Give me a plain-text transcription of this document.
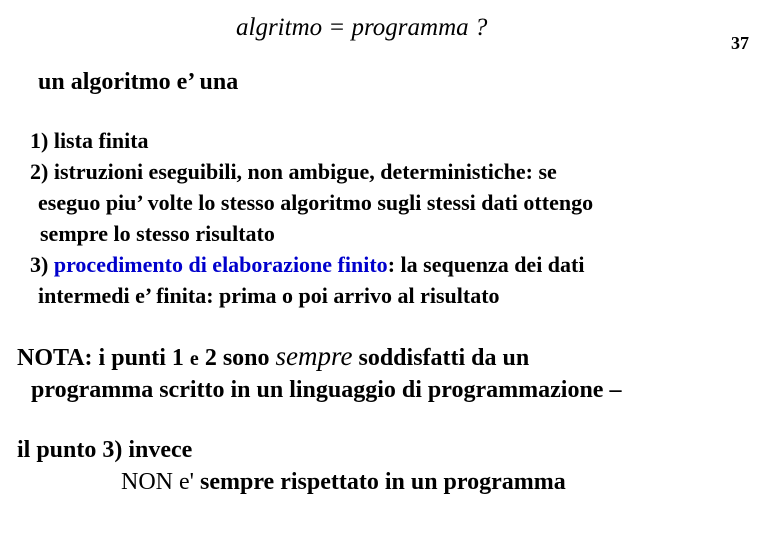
algritmo = programma ?
37
un algoritmo e’ una
1) lista finita
2) istruzioni eseguibili, non ambigue, deterministiche: se
eseguo piu’ volte lo stesso algoritmo sugli stessi dati ottengo
sempre lo stesso risultato
3) procedimento di elaborazione finito: la sequenza dei dati
intermedi e’ finita: prima o poi arrivo al risultato
NOTA: i punti 1 e 2 sono sempre soddisfatti da un
programma scritto in un linguaggio di programmazione –
il punto 3) invece
NON e' sempre rispettato in un programma
